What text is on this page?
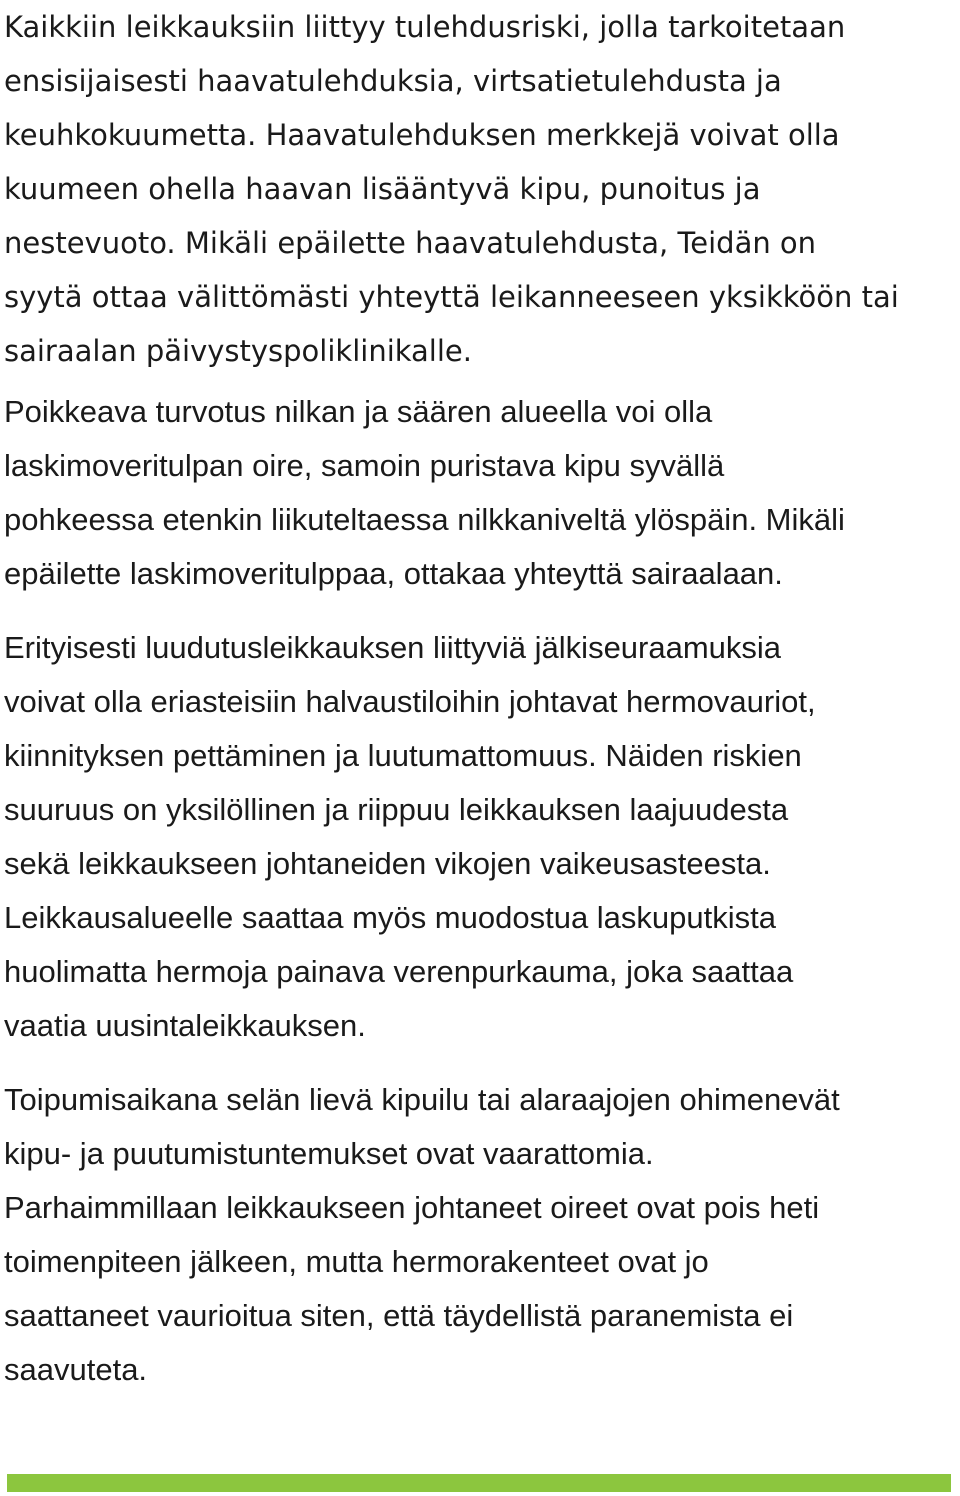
Kaikkiin leikkauksiin liittyy tulehdusriski, jolla tarkoitetaan
ensisijaisesti haavatulehduksia, virtsatietulehdusta ja
keuhkokuumetta. Haavatulehduksen merkkejä voivat olla
kuumeen ohella haavan lisääntyvä kipu, punoitus ja
nestevuoto. Mikäli epäilette haavatulehdusta, Teidän on
syytä ottaa välittömästi yhteyttä leikanneeseen yksikköön tai
sairaalan päivystyspoliklinikalle.
Poikkeava turvotus nilkan ja säären alueella voi olla
laskimoveritulpan oire, samoin puristava kipu syvällä
pohkeessa etenkin liikuteltaessa nilkkaniveltä ylöspäin. Mikäli
epäilette laskimoveritulppaa, ottakaa yhteyttä sairaalaan.
Erityisesti luudutusleikkauksen liittyviä jälkiseuraamuksia
voivat olla eriasteisiin halvaustiloihin johtavat hermovauriot,
kiinnityksen pettäminen ja luutumattomuus. Näiden riskien
suuruus on yksilöllinen ja riippuu leikkauksen laajuudesta
sekä leikkaukseen johtaneiden vikojen vaikeusasteesta.
Leikkausalueelle saattaa myös muodostua laskuputkista
huolimatta hermoja painava verenpurkauma, joka saattaa
vaatia uusintaleikkauksen.
Toipumisaikana selän lievä kipuilu tai alaraajojen ohimenevät
kipu- ja puutumistuntemukset ovat vaarattomia.
Parhaimmillaan leikkaukseen johtaneet oireet ovat pois heti
toimenpiteen jälkeen, mutta hermorakenteet ovat jo
saattaneet vaurioitua siten, että täydellistä paranemista ei
saavuteta.
